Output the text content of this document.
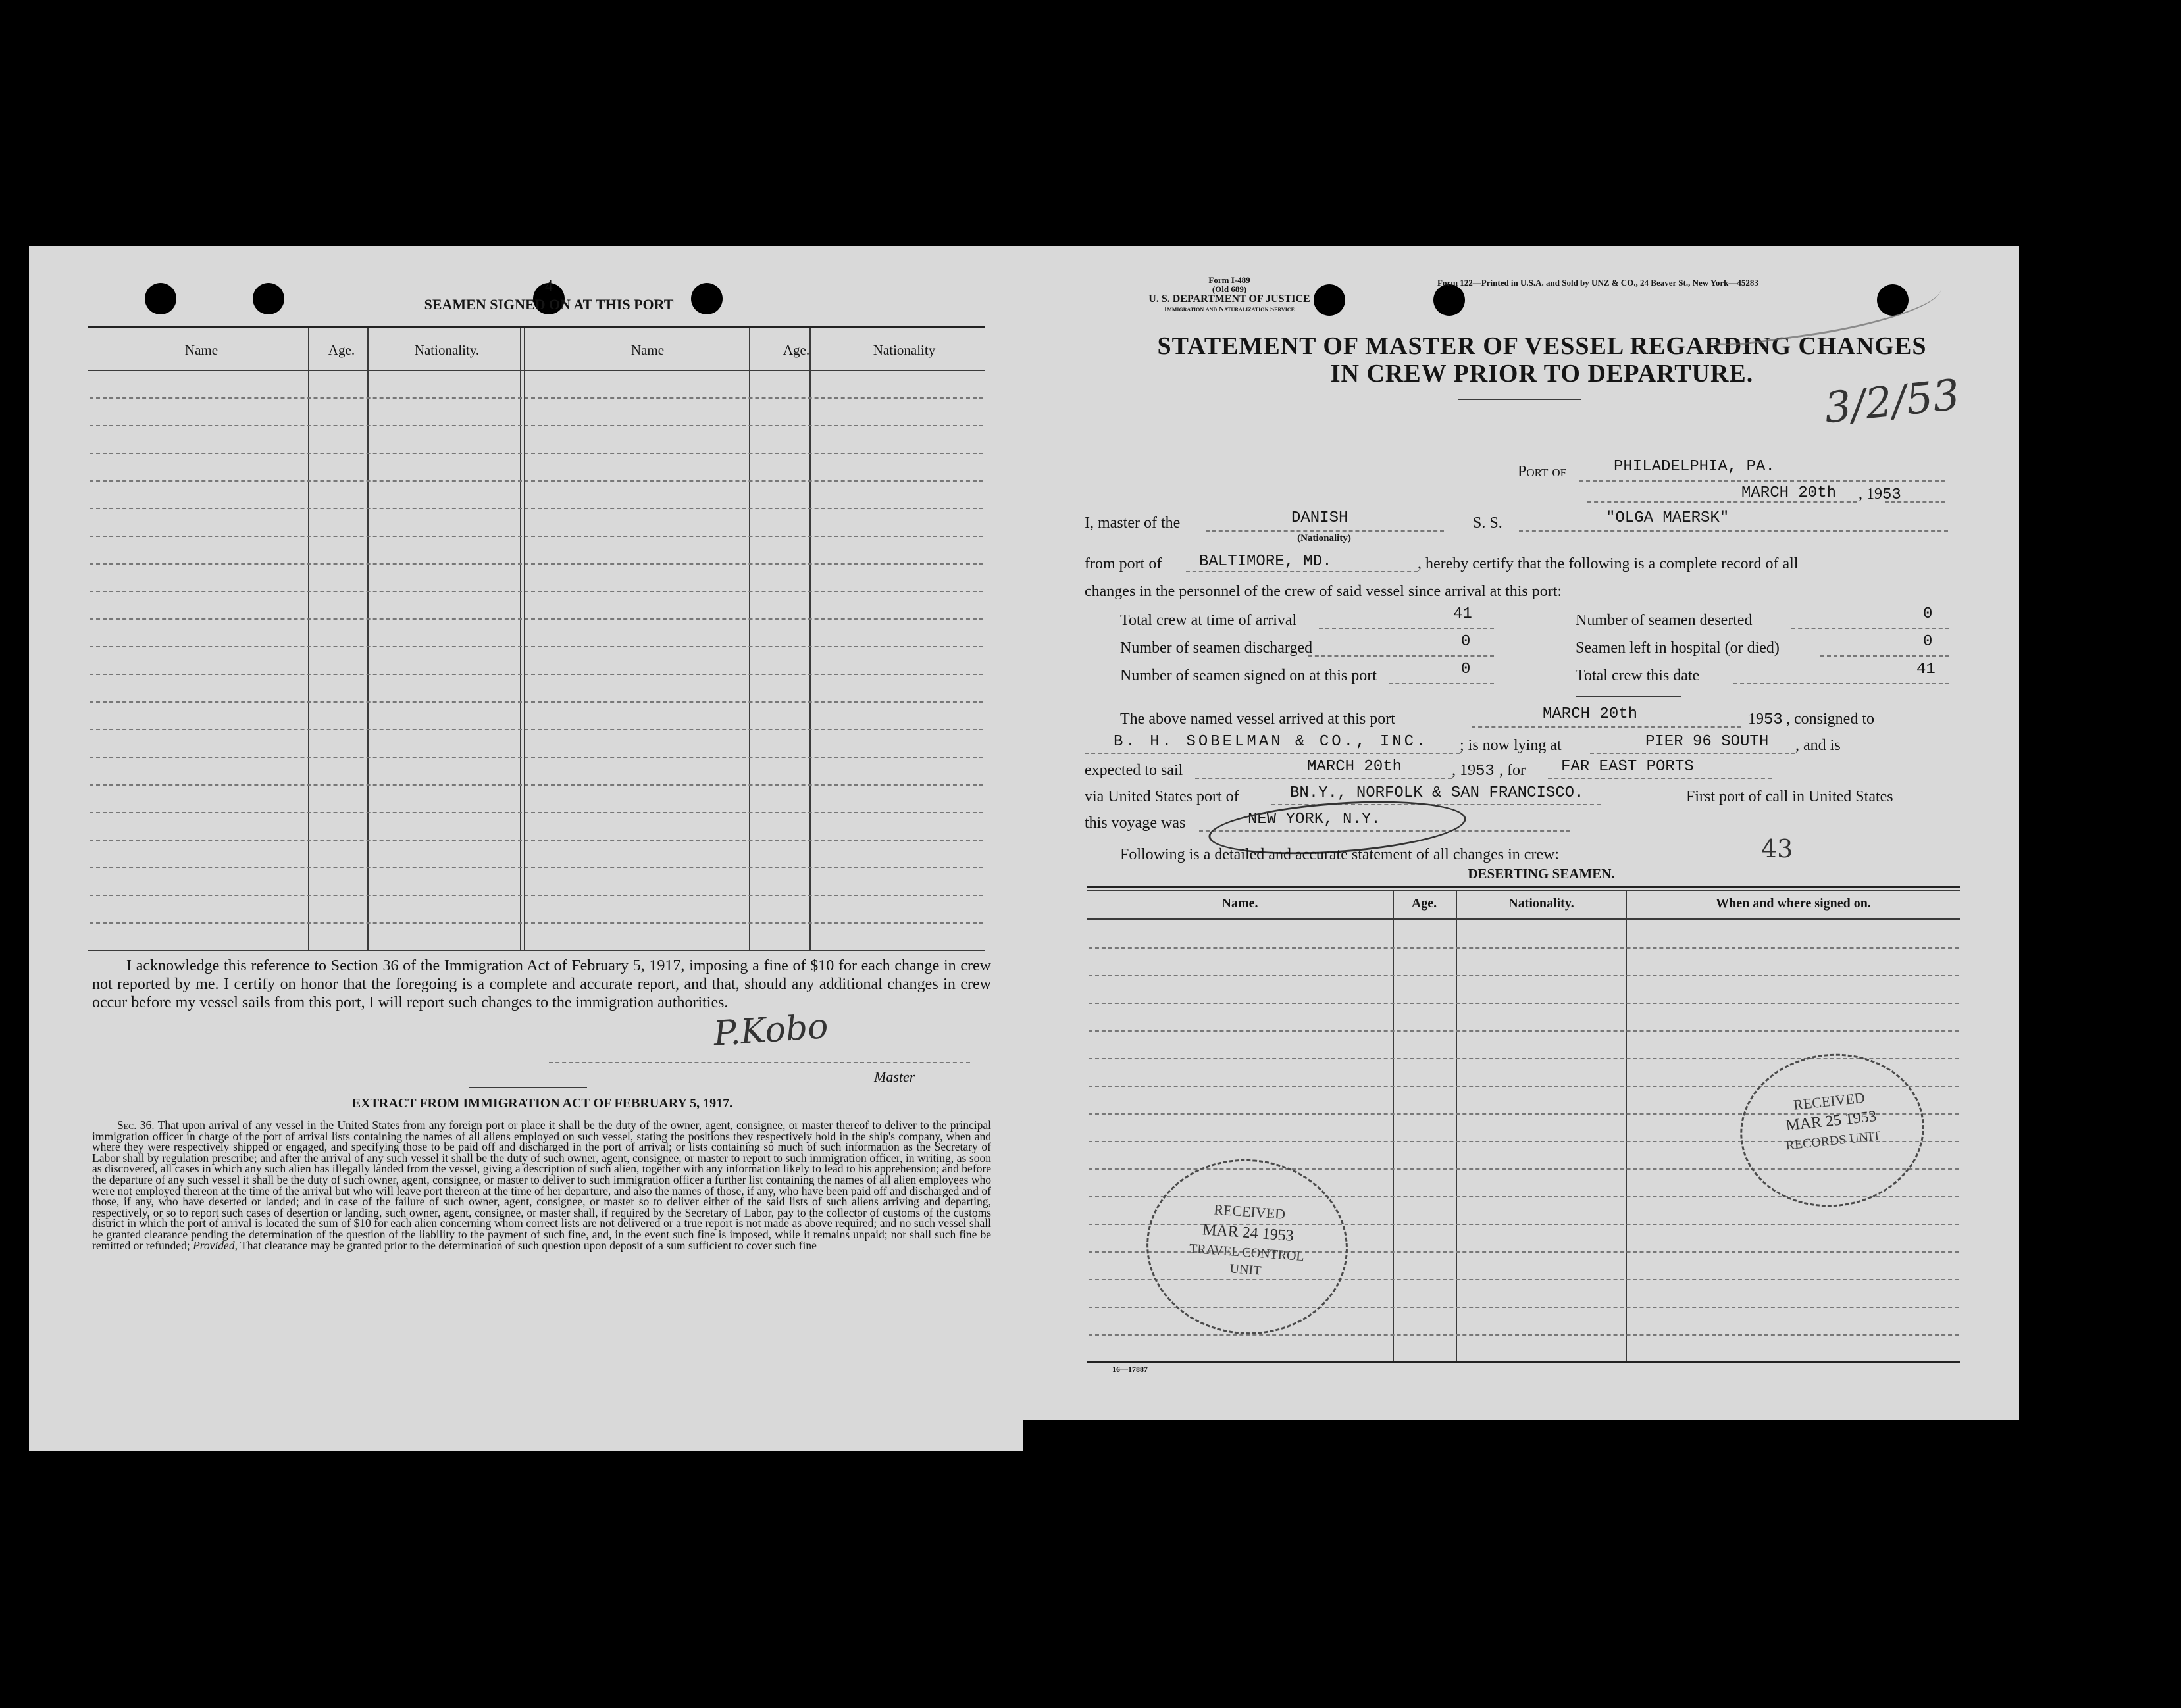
4
SEAMEN SIGNED ON AT THIS PORT
Name	Age.	Nationality.	Name	Age.	Nationality
I acknowledge this reference to Section 36 of the Immigration Act of February 5, 1917, imposing a fine of $10 for each change in crew not reported by me. I certify on honor that the foregoing is a complete and accurate report, and that, should any additional changes in crew occur before my vessel sails from this port, I will report such changes to the immigration authorities.
P.Kobo
Master
EXTRACT FROM IMMIGRATION ACT OF FEBRUARY 5, 1917.
Sec. 36. That upon arrival of any vessel in the United States from any foreign port or place it shall be the duty of the owner, agent, consignee, or master thereof to deliver to the principal immigration officer in charge of the port of arrival lists containing the names of all aliens employed on such vessel, stating the positions they respectively hold in the ship's company, when and where they were respectively shipped or engaged, and specifying those to be paid off and discharged in the port of arrival; or lists containing so much of such information as the Secretary of Labor shall by regulation prescribe; and after the arrival of any such vessel it shall be the duty of such owner, agent, consignee, or master to report to such immigration officer, in writing, as soon as discovered, all cases in which any such alien has illegally landed from the vessel, giving a description of such alien, together with any information likely to lead to his apprehension; and before the departure of any such vessel it shall be the duty of such owner, agent, consignee, or master to deliver to such immigration officer a further list containing the names of all alien employees who were not employed thereon at the time of the arrival but who will leave port thereon at the time of her departure, and also the names of those, if any, who have been paid off and discharged and of those, if any, who have deserted or landed; and in case of the failure of such owner, agent, consignee, or master so to deliver either of the said lists of such aliens arriving and departing, respectively, or so to report such cases of desertion or landing, such owner, agent, consignee, or master shall, if required by the Secretary of Labor, pay to the collector of customs of the customs district in which the port of arrival is located the sum of $10 for each alien concerning whom correct lists are not delivered or a true report is not made as above required; and no such vessel shall be granted clearance pending the determination of the question of the liability to the payment of such fine, and, in the event such fine is imposed, while it remains unpaid; nor shall such fine be remitted or refunded; Provided, That clearance may be granted prior to the determination of such question upon deposit of a sum sufficient to cover such fine
Form I-489
(Old 689)
U. S. DEPARTMENT OF JUSTICE
Immigration and Naturalization Service
Form 122—Printed in U.S.A. and Sold by UNZ & CO., 24 Beaver St., New York—45283
STATEMENT OF MASTER OF VESSEL REGARDING CHANGES
IN CREW PRIOR TO DEPARTURE.	3/2/53
Port of	PHILADELPHIA, PA.
MARCH 20th , 1953
I, master of the	DANISH
(Nationality)
S. S.	"OLGA MAERSK"
from port of BALTIMORE, MD.	, hereby certify that the following is a complete record of all
changes in the personnel of the crew of said vessel since arrival at this port:
Total crew at time of arrival	41	Number of seamen deserted	0
Number of seamen discharged	0	Seamen left in hospital (or died)	0
Number of seamen signed on at this port	0	Total crew this date	41
The above named vessel arrived at this port	MARCH 20th	1953 , consigned to
B. H. SOBELMAN & CO., INC. ; is now lying at	PIER 96 SOUTH , and is
expected to sail	MARCH 20th	, 1953 , for FAR EAST PORTS
via United States port of	BN.Y., NORFOLK & SAN FRANCISCO.	First port of call in United States
this voyage was	NEW YORK, N.Y.
Following is a detailed and accurate statement of all changes in crew:	43
DESERTING SEAMEN.
Name.	Age.	Nationality.	When and where signed on.
RECEIVED
MAR 25 1953
RECORDS UNIT
RECEIVED
MAR 24 1953
TRAVEL CONTROL
UNIT
16—17887
